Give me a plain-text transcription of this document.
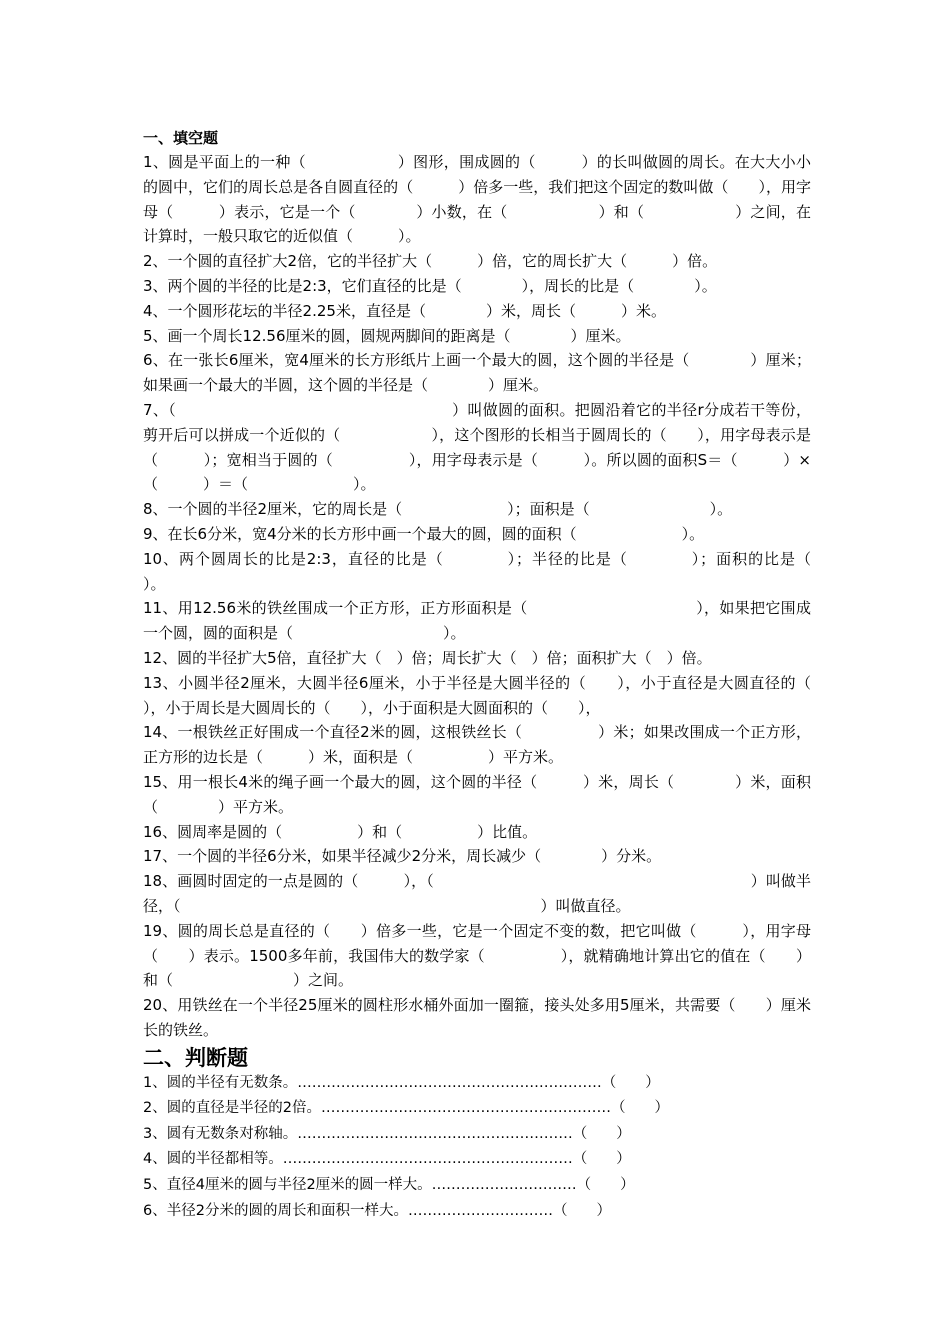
一、填空题

1、圆是平面上的一种（　　　　　　）图形，围成圆的（　　　）的长叫做圆的周长。在大大小小的圆中，它们的周长总是各自圆直径的（　　　）倍多一些，我们把这个固定的数叫做（　　），用字母（　　　）表示，它是一个（　　　　）小数，在（　　　　　　）和（　　　　　　）之间，在计算时，一般只取它的近似值（　　　）。

2、一个圆的直径扩大2倍，它的半径扩大（　　　）倍，它的周长扩大（　　　）倍。

3、两个圆的半径的比是2:3，它们直径的比是（　　　　），周长的比是（　　　　）。

4、一个圆形花坛的半径2.25米，直径是（　　　　）米，周长（　　　）米。

5、画一个周长12.56厘米的圆，圆规两脚间的距离是（　　　　）厘米。

6、在一张长6厘米，宽4厘米的长方形纸片上画一个最大的圆，这个圆的半径是（　　　　）厘米；如果画一个最大的半圆，这个圆的半径是（　　　　）厘米。

7、（　　　　　　　　　　　　　　　　　　）叫做圆的面积。把圆沿着它的半径r分成若干等份，剪开后可以拼成一个近似的（　　　　　　），这个图形的长相当于圆周长的（　　），用字母表示是（　　　）；宽相当于圆的（　　　　　），用字母表示是（　　　）。所以圆的面积S＝（　　　）×（　　　）＝（　　　　　　　）。

8、一个圆的半径2厘米，它的周长是（　　　　　　　）；面积是（　　　　　　　　）。

9、在长6分米，宽4分米的长方形中画一个最大的圆，圆的面积（　　　　　　　）。

10、两个圆周长的比是2:3，直径的比是（　　　　）；半径的比是（　　　　）；面积的比是（　　）。

11、用12.56米的铁丝围成一个正方形，正方形面积是（　　　　　　　　　　　），如果把它围成一个圆，圆的面积是（　　　　　　　　　　）。

12、圆的半径扩大5倍，直径扩大（　）倍；周长扩大（　）倍；面积扩大（　）倍。

13、小圆半径2厘米，大圆半径6厘米，小于半径是大圆半径的（　　），小于直径是大圆直径的（　　），小于周长是大圆周长的（　　），小于面积是大圆面积的（　　），

14、一根铁丝正好围成一个直径2米的圆，这根铁丝长（　　　　　）米；如果改围成一个正方形，正方形的边长是（　　　）米，面积是（　　　　　）平方米。

15、用一根长4米的绳子画一个最大的圆，这个圆的半径（　　　）米，周长（　　　　）米，面积（　　　　）平方米。

16、圆周率是圆的（　　　　　）和（　　　　　）比值。

17、一个圆的半径6分米，如果半径减少2分米，周长减少（　　　　）分米。

18、画圆时固定的一点是圆的（　　　），（　　　　　　　　　　　　　　　　　　　　　）叫做半径，（　　　　　　　　　　　　　　　　　　　　　　　　）叫做直径。

19、圆的周长总是直径的（　　）倍多一些，它是一个固定不变的数，把它叫做（　　　），用字母（　　）表示。1500多年前，我国伟大的数学家（　　　　　），就精确地计算出它的值在（　　）和（　　　　　　　　）之间。

20、用铁丝在一个半径25厘米的圆柱形水桶外面加一圈箍，接头处多用5厘米，共需要（　　）厘米长的铁丝。

二、判断题

1、圆的半径有无数条。………………………………………………………（　　）

2、圆的直径是半径的2倍。……………………………………………………（　　）

3、圆有无数条对称轴。…………………………………………………（　　）

4、圆的半径都相等。……………………………………………………（　　）

5、直径4厘米的圆与半径2厘米的圆一样大。…………………………（　　）

6、半径2分米的圆的周长和面积一样大。…………………………（　　）
